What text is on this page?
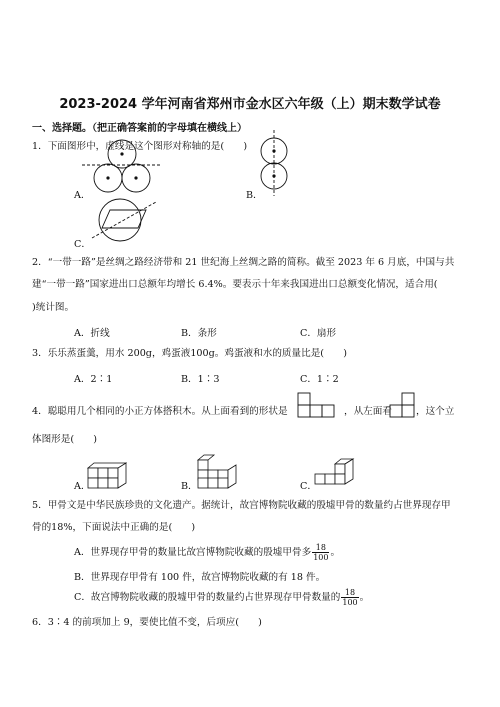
2023-2024 学年河南省郑州市金水区六年级（上）期末数学试卷
一、选择题。（把正确答案前的字母填在横线上）
1．下面图形中，虚线是这个图形对称轴的是(　　)
A．	B．
C．
2．“一带一路”是丝绸之路经济带和 21 世纪海上丝绸之路的简称。截至 2023 年 6 月底，中国与共
建“一带一路”国家进出口总额年均增长 6.4%。要表示十年来我国进出口总额变化情况，适合用(
)统计图。
A．折线	B．条形	C．扇形
3．乐乐蒸蛋羹，用水 200g，鸡蛋液100g。鸡蛋液和水的质量比是(　　)
A．2∶1	B．1∶3	C．1∶2
4．聪聪用几个相同的小正方体搭积木。从上面看到的形状是	，从左面看	，这个立
体图形是(　　)
A．	B．	C．
5．甲骨文是中华民族珍贵的文化遗产。据统计，故宫博物院收藏的殷墟甲骨的数量约占世界现存甲
骨的18%，下面说法中正确的是(　　)
A．世界现存甲骨的数量比故宫博物院收藏的殷墟甲骨多 $\frac{18}{100}$ 。
B．世界现存甲骨有 100 件，故宫博物院收藏的有 18 件。
C．故宫博物院收藏的殷墟甲骨的数量约占世界现存甲骨数量的 $\frac{18}{100}$ 。
6．3∶4 的前项加上 9，要使比值不变，后项应(　　)
